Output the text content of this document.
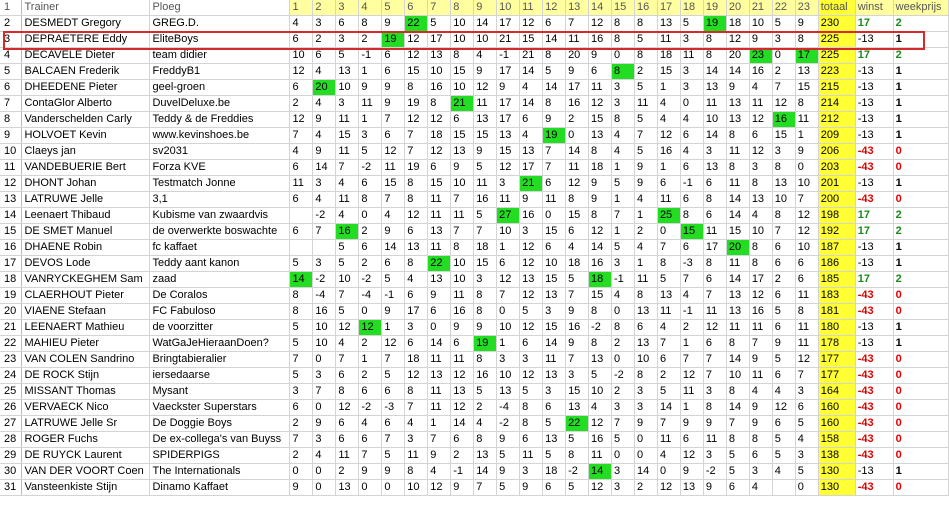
1	Trainer	Ploeg	1	2	3	4	5	6	7	8	9	10	11	12	13	14	15	16	17	18	19	20	21	22	23	totaal	winst	weekprijs
2	DESMEDT Gregory	GREG.D.	4	3	6	8	9	22	5	10	14	17	12	6	7	12	8	8	13	5	19	18	10	5	9	230	17	2
3	DEPRAETERE Eddy	EliteBoys	6	2	3	2	19	12	17	10	10	21	15	14	11	16	8	5	11	3	8	12	9	3	8	225	-13	1
4	DECAVELE Dieter	team didier	10	6	5	-1	6	12	13	8	4	-1	21	8	20	9	0	8	18	11	8	20	23	0	17	225	17	2
5	BALCAEN Frederik	FreddyB1	12	4	13	1	6	15	10	15	9	17	14	5	9	6	8	2	15	3	14	14	16	2	13	223	-13	1
6	DHEEDENE Pieter	geel-groen	6	20	10	9	9	8	16	10	12	9	4	14	17	11	3	5	1	3	13	9	4	7	15	215	-13	1
7	ContaGlor Alberto	DuvelDeluxe.be	2	4	3	11	9	19	8	21	11	17	14	8	16	12	3	11	4	0	11	13	11	12	8	214	-13	1
8	Vanderschelden Carly	Teddy & de Freddies	12	9	11	1	7	12	12	6	13	17	6	9	2	15	8	5	4	4	10	13	12	16	11	212	-13	1
9	HOLVOET Kevin	www.kevinshoes.be	7	4	15	3	6	7	18	15	15	13	4	19	0	13	4	7	12	6	14	8	6	15	1	209	-13	1
10	Claeys jan	sv2031	4	9	11	5	12	7	12	13	9	15	13	7	14	8	4	5	16	4	3	11	12	3	9	206	-43	0
11	VANDEBUERIE Bert	Forza KVE	6	14	7	-2	11	19	6	9	5	12	17	7	11	18	1	9	1	6	13	8	3	8	0	203	-43	0
12	DHONT Johan	Testmatch Jonne	11	3	4	6	15	8	15	10	11	3	21	6	12	9	5	9	6	-1	6	11	8	13	10	201	-13	1
13	LATRUWE Jelle	3,1	6	4	11	8	7	8	11	7	16	11	9	11	8	9	1	4	11	6	8	14	13	10	7	200	-43	0
14	Leenaert Thibaud	Kubisme van zwaardvis		-2	4	0	4	12	11	11	5	27	16	0	15	8	7	1	25	8	6	14	4	8	12	198	17	2
15	DE SMET Manuel	de overwerkte boswachte	6	7	16	2	9	6	13	7	7	10	3	15	6	12	1	2	0	15	11	15	10	7	12	192	17	2
16	DHAENE Robin	fc kaffaet			5	6	14	13	11	8	18	1	12	6	4	14	5	4	7	6	17	20	8	6	10	187	-13	1
17	DEVOS Lode	Teddy aant kanon	5	3	5	2	6	8	22	10	15	6	12	10	18	16	3	1	8	-3	8	11	8	6	6	186	-13	1
18	VANRYCKEGHEM Sam	zaad	14	-2	10	-2	5	4	13	10	3	12	13	15	5	18	-1	11	5	7	6	14	17	2	6	185	17	2
19	CLAERHOUT Pieter	De Coralos	8	-4	7	-4	-1	6	9	11	8	7	12	13	7	15	4	8	13	4	7	13	12	6	11	183	-43	0
20	VIAENE Stefaan	FC Fabuloso	8	16	5	0	9	17	6	16	8	0	5	3	9	8	0	13	11	-1	11	13	16	5	8	181	-43	0
21	LEENAERT Mathieu	de voorzitter	5	10	12	12	1	3	0	9	9	10	12	15	16	-2	8	6	4	2	12	11	11	6	11	180	-13	1
22	MAHIEU Pieter	WatGaJeHieraanDoen?	5	10	4	2	12	6	14	6	19	1	6	14	9	8	2	13	7	1	6	8	7	9	11	178	-13	1
23	VAN COLEN Sandrino	Bringtabieralier	7	0	7	1	7	18	11	11	8	3	3	11	7	13	0	10	6	7	7	14	9	5	12	177	-43	0
24	DE ROCK Stijn	iersedaarse	5	3	6	2	5	12	13	12	16	10	12	13	3	5	-2	8	2	12	7	10	11	6	7	177	-43	0
25	MISSANT Thomas	Mysant	3	7	8	6	6	8	11	13	5	13	5	3	15	10	2	3	5	11	3	8	4	4	3	164	-43	0
26	VERVAECK Nico	Vaeckster Superstars	6	0	12	-2	-3	7	11	12	2	-4	8	6	13	4	3	3	14	1	8	14	9	12	6	160	-43	0
27	LATRUWE Jelle Sr	De Doggie Boys	2	9	6	4	6	4	1	14	4	-2	8	5	22	12	7	9	7	9	9	7	9	6	5	160	-43	0
28	ROGER Fuchs	De ex-collega's van Buyss	7	3	6	6	7	3	7	6	8	9	6	13	5	16	5	0	11	6	11	8	8	5	4	158	-43	0
29	DE RUYCK Laurent	SPIDERPIGS	2	4	11	7	5	11	9	2	13	5	11	5	8	11	0	0	4	12	3	5	6	5	3	138	-43	0
30	VAN DER VOORT Coen	The Internationals	0	0	2	9	9	8	4	-1	14	9	3	18	-2	14	3	14	0	9	-2	5	3	4	5	130	-13	1
31	Vansteenkiste Stijn	Dinamo Kaffaet	9	0	13	0	0	10	12	9	7	5	9	6	5	12	3	2	12	13	9	6	4		0	130	-43	0
